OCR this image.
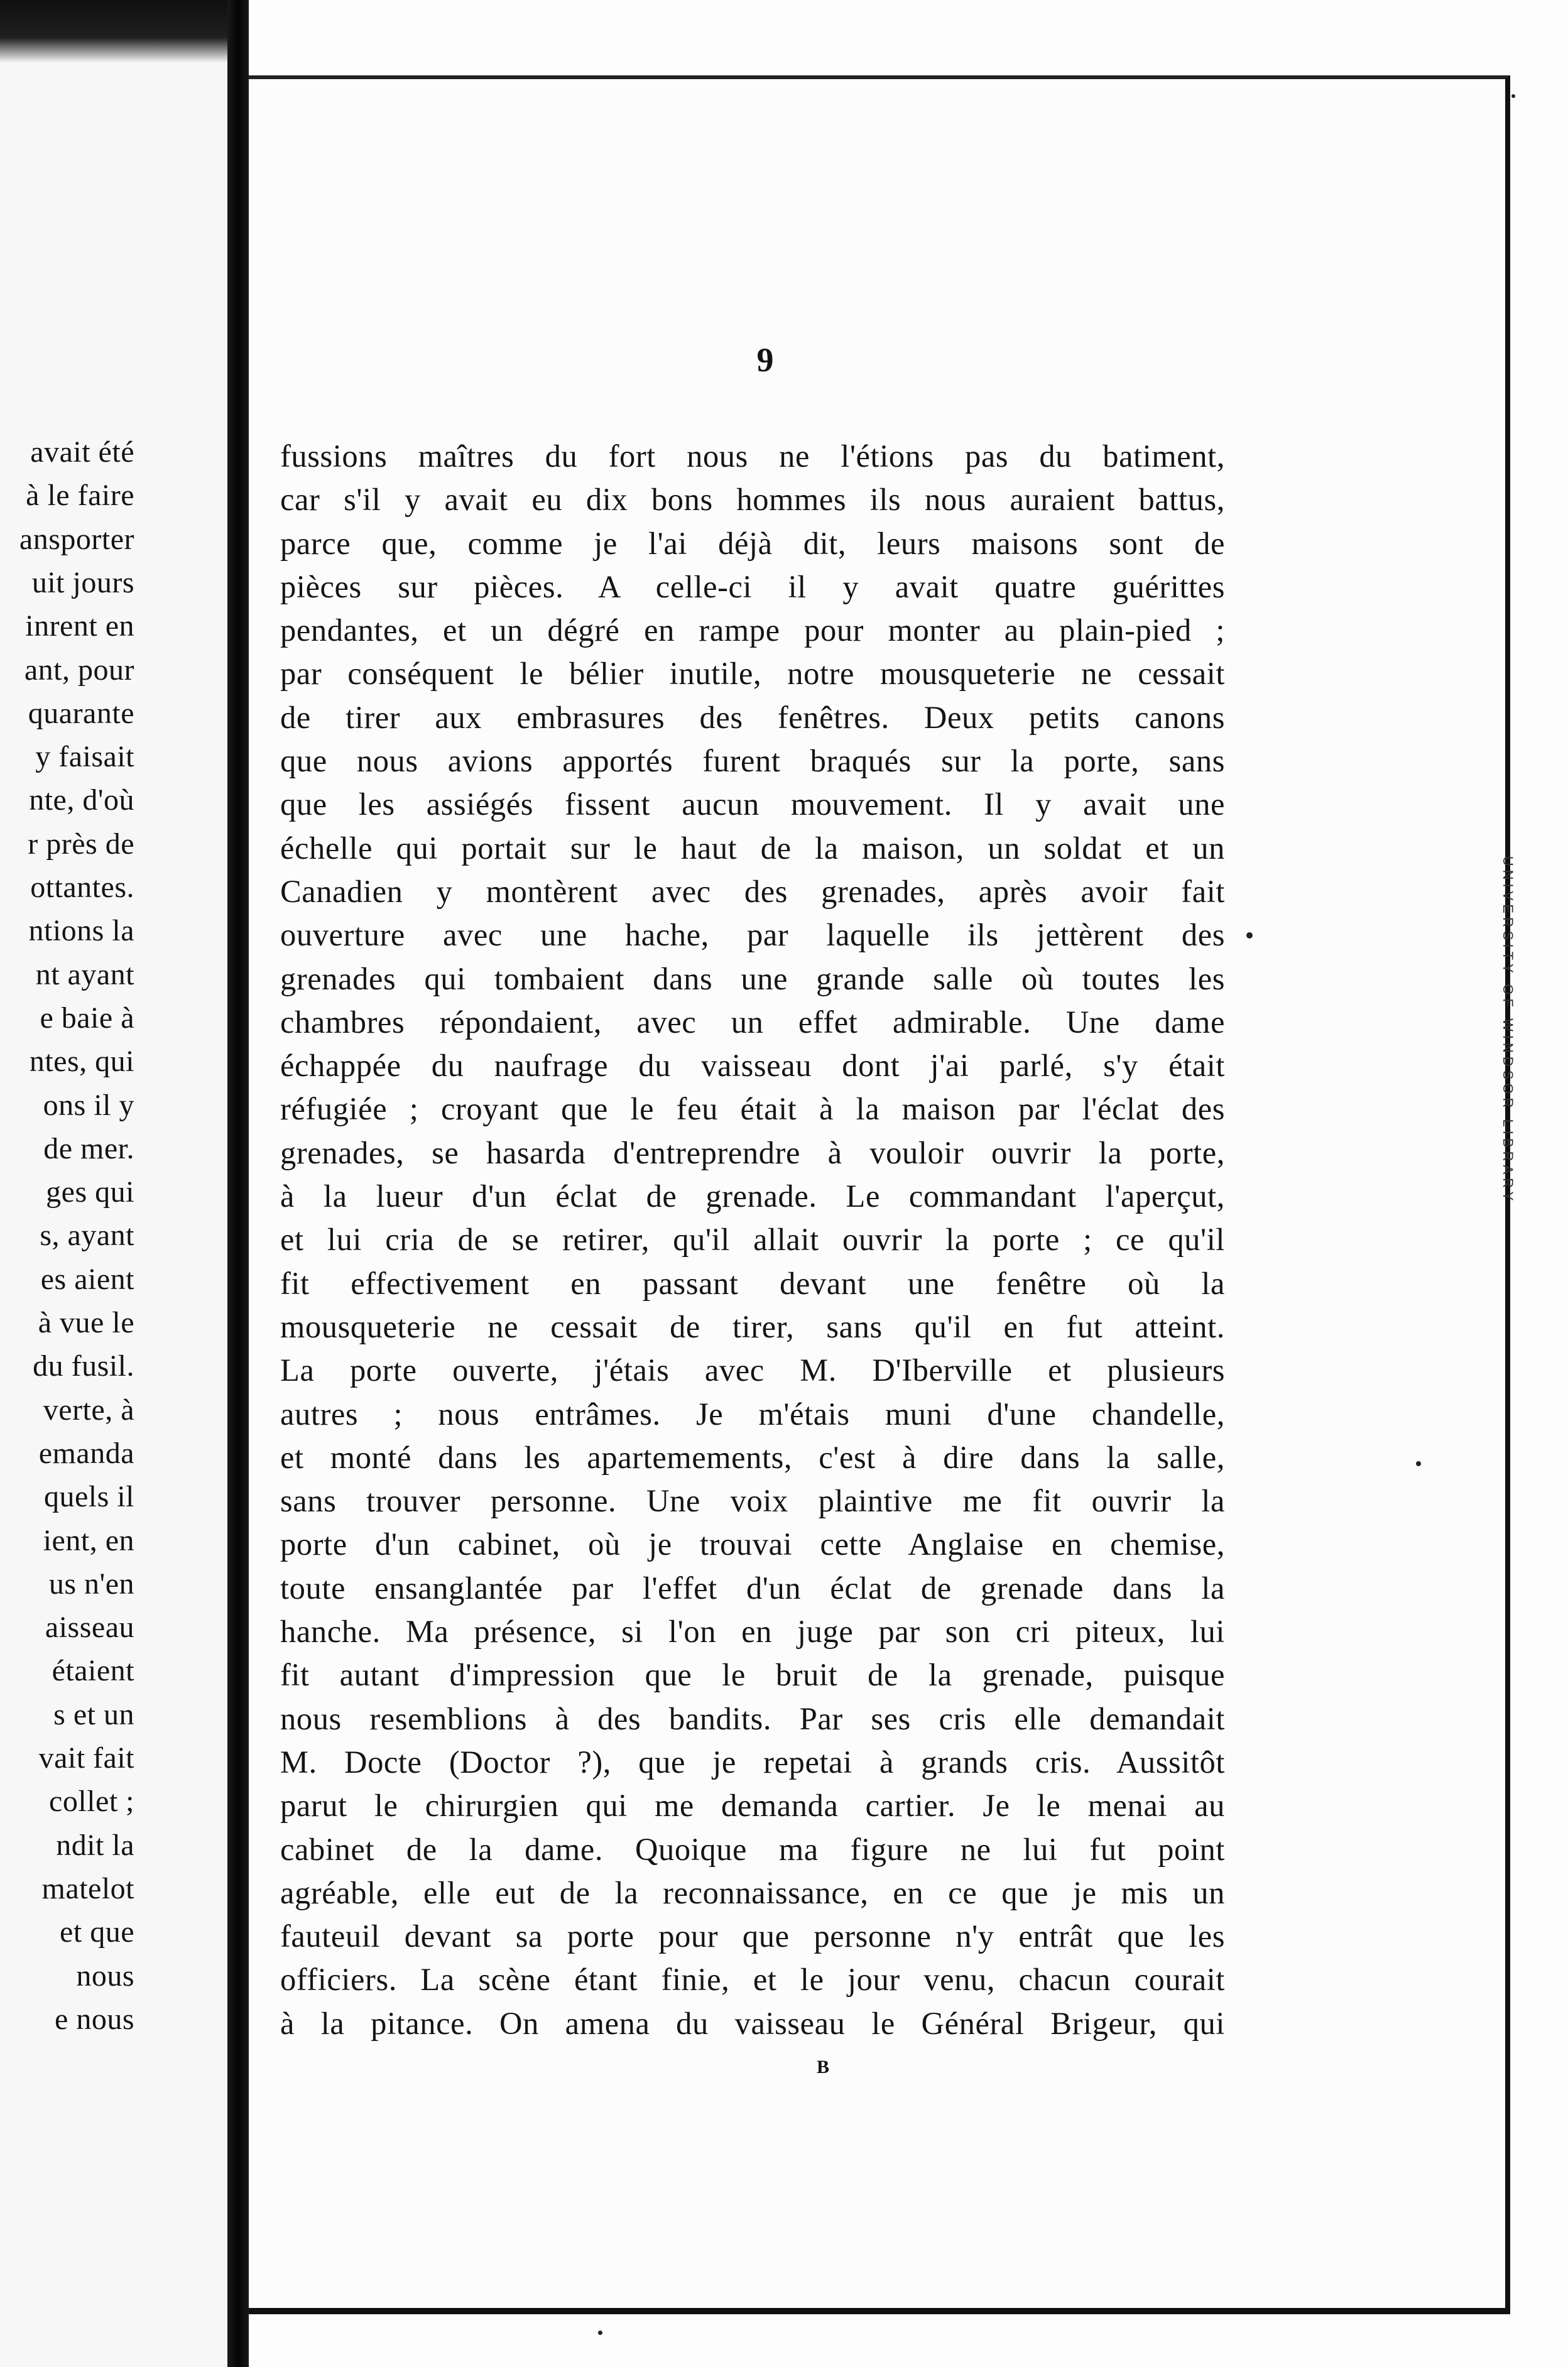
avait été
à le faire
ansporter
uit jours
inrent en
ant, pour
quarante
y faisait
nte, d'où
r près de
ottantes.
ntions la
nt ayant
e baie à
ntes, qui
ons il y
de mer.
ges qui
s, ayant
es aient
à vue le
du fusil.
verte, à
emanda
quels il
ient, en
us n'en
aisseau
étaient
s et un
vait fait
collet ;
ndit la
matelot
et que
nous
e nous
9
fussions maîtres du fort nous ne l'étions pas du batiment,
car s'il y avait eu dix bons hommes ils nous auraient battus,
parce que, comme je l'ai déjà dit, leurs maisons sont de
pièces sur pièces. A celle-ci il y avait quatre guérittes
pendantes, et un dégré en rampe pour monter au plain-pied ;
par conséquent le bélier inutile, notre mousqueterie ne cessait
de tirer aux embrasures des fenêtres. Deux petits canons
que nous avions apportés furent braqués sur la porte, sans
que les assiégés fissent aucun mouvement. Il y avait une
échelle qui portait sur le haut de la maison, un soldat et un
Canadien y montèrent avec des grenades, après avoir fait
ouverture avec une hache, par laquelle ils jettèrent des
grenades qui tombaient dans une grande salle où toutes les
chambres répondaient, avec un effet admirable. Une dame
échappée du naufrage du vaisseau dont j'ai parlé, s'y était
réfugiée ; croyant que le feu était à la maison par l'éclat des
grenades, se hasarda d'entreprendre à vouloir ouvrir la porte,
à la lueur d'un éclat de grenade. Le commandant l'aperçut,
et lui cria de se retirer, qu'il allait ouvrir la porte ; ce qu'il
fit effectivement en passant devant une fenêtre où la
mousqueterie ne cessait de tirer, sans qu'il en fut atteint.
La porte ouverte, j'étais avec M. D'Iberville et plusieurs
autres ; nous entrâmes. Je m'étais muni d'une chandelle,
et monté dans les apartemements, c'est à dire dans la salle,
sans trouver personne. Une voix plaintive me fit ouvrir la
porte d'un cabinet, où je trouvai cette Anglaise en chemise,
toute ensanglantée par l'effet d'un éclat de grenade dans la
hanche. Ma présence, si l'on en juge par son cri piteux, lui
fit autant d'impression que le bruit de la grenade, puisque
nous resemblions à des bandits. Par ses cris elle demandait
M. Docte (Doctor ?), que je repetai à grands cris. Aussitôt
parut le chirurgien qui me demanda cartier. Je le menai au
cabinet de la dame. Quoique ma figure ne lui fut point
agréable, elle eut de la reconnaissance, en ce que je mis un
fauteuil devant sa porte pour que personne n'y entrât que les
officiers. La scène étant finie, et le jour venu, chacun courait
à la pitance. On amena du vaisseau le Général Brigeur, qui
B
UNIVERSITY OF WINDSOR LIBRARY
